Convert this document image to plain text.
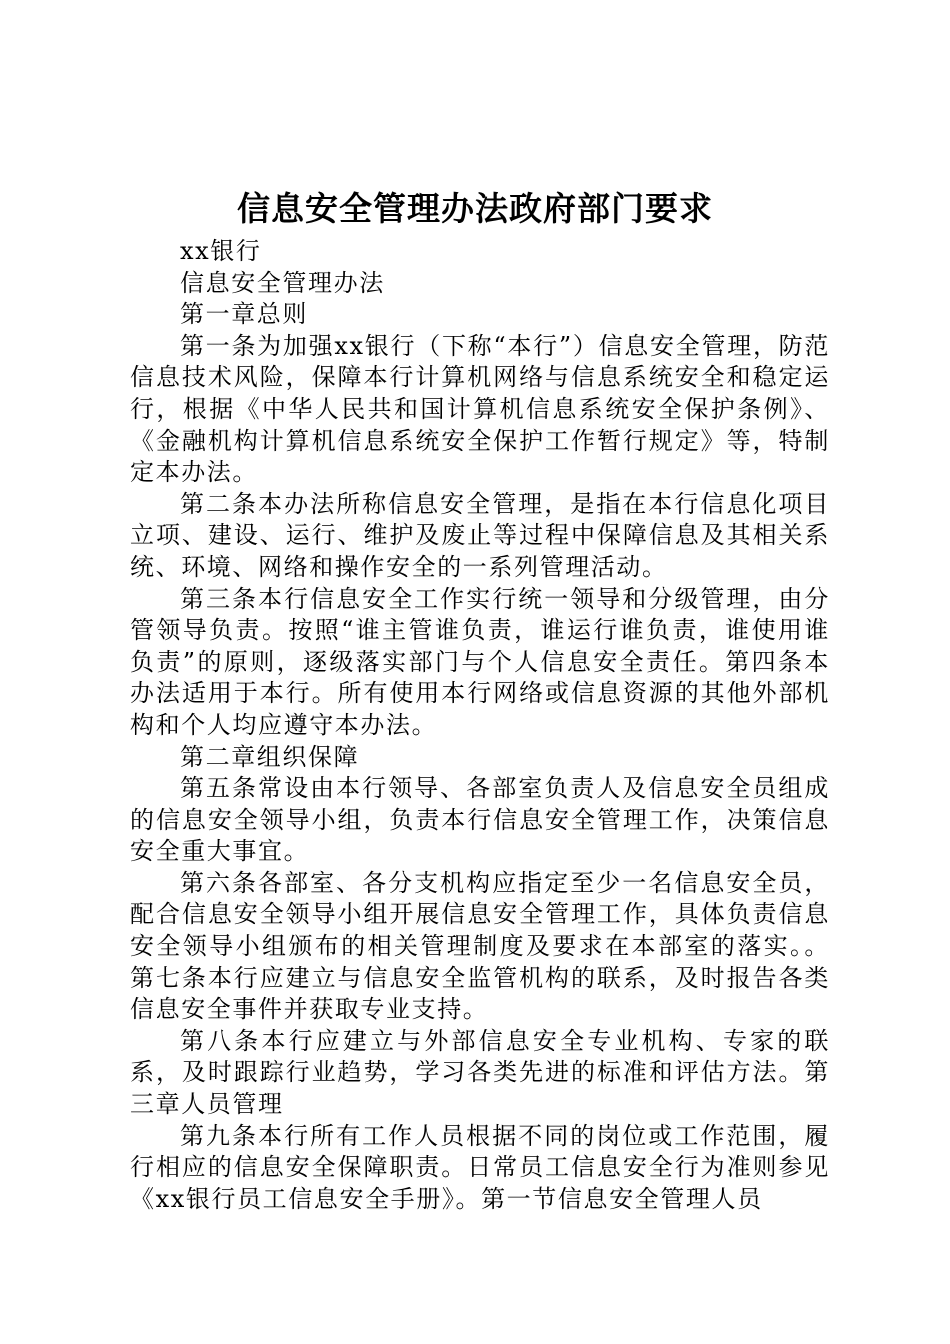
信息安全管理办法政府部门要求

xx银行

信息安全管理办法

第一章总则

第一条为加强xx银行（下称“本行”）信息安全管理，防范信息技术风险，保障本行计算机网络与信息系统安全和稳定运行，根据《中华人民共和国计算机信息系统安全保护条例》、《金融机构计算机信息系统安全保护工作暂行规定》等，特制定本办法。

第二条本办法所称信息安全管理，是指在本行信息化项目立项、建设、运行、维护及废止等过程中保障信息及其相关系统、环境、网络和操作安全的一系列管理活动。

第三条本行信息安全工作实行统一领导和分级管理，由分管领导负责。按照“谁主管谁负责，谁运行谁负责，谁使用谁负责”的原则，逐级落实部门与个人信息安全责任。第四条本办法适用于本行。所有使用本行网络或信息资源的其他外部机构和个人均应遵守本办法。

第二章组织保障

第五条常设由本行领导、各部室负责人及信息安全员组成的信息安全领导小组，负责本行信息安全管理工作，决策信息安全重大事宜。

第六条各部室、各分支机构应指定至少一名信息安全员，配合信息安全领导小组开展信息安全管理工作，具体负责信息安全领导小组颁布的相关管理制度及要求在本部室的落实。。第七条本行应建立与信息安全监管机构的联系，及时报告各类信息安全事件并获取专业支持。

第八条本行应建立与外部信息安全专业机构、专家的联系，及时跟踪行业趋势，学习各类先进的标准和评估方法。第三章人员管理

第九条本行所有工作人员根据不同的岗位或工作范围，履行相应的信息安全保障职责。日常员工信息安全行为准则参见《xx银行员工信息安全手册》。第一节信息安全管理人员
